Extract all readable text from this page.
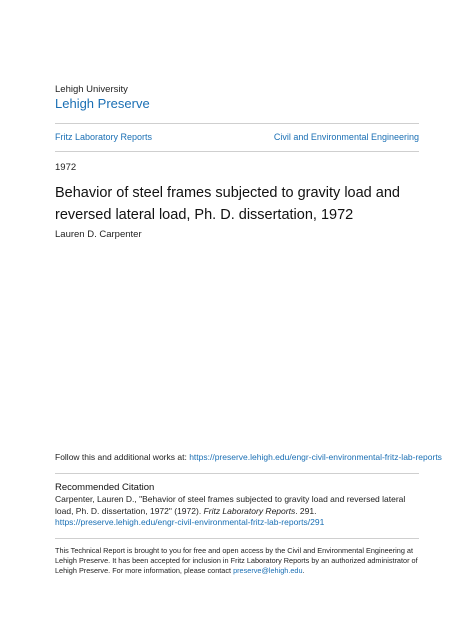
Lehigh University
Lehigh Preserve
Fritz Laboratory Reports	Civil and Environmental Engineering
1972
Behavior of steel frames subjected to gravity load and reversed lateral load, Ph. D. dissertation, 1972
Lauren D. Carpenter
Follow this and additional works at: https://preserve.lehigh.edu/engr-civil-environmental-fritz-lab-reports
Recommended Citation
Carpenter, Lauren D., "Behavior of steel frames subjected to gravity load and reversed lateral load, Ph. D. dissertation, 1972" (1972). Fritz Laboratory Reports. 291.
https://preserve.lehigh.edu/engr-civil-environmental-fritz-lab-reports/291
This Technical Report is brought to you for free and open access by the Civil and Environmental Engineering at Lehigh Preserve. It has been accepted for inclusion in Fritz Laboratory Reports by an authorized administrator of Lehigh Preserve. For more information, please contact preserve@lehigh.edu.
